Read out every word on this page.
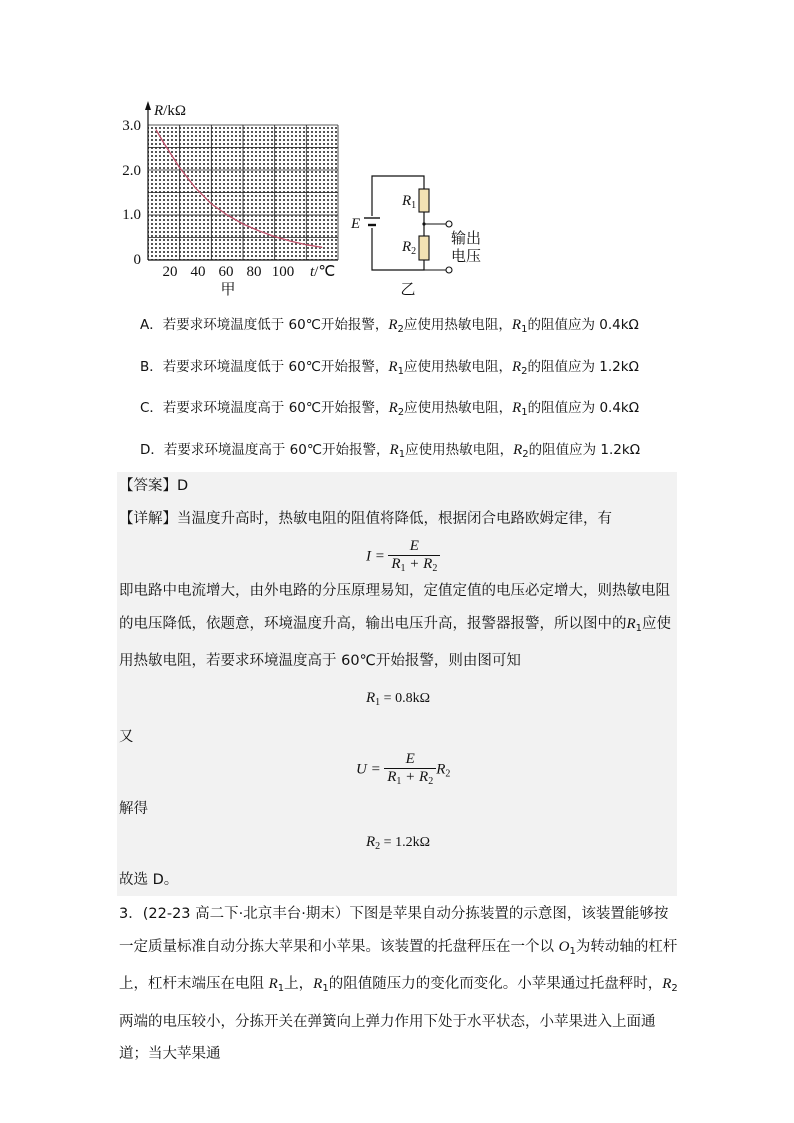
3.0
2.0
1.0
0
20 40 60 80 100
R/kΩ
t/℃
甲
E
$R_1$
$R_2$
输出
电压
乙
A．若要求环境温度低于 60℃开始报警，$R_2$应使用热敏电阻，$R_1$的阻值应为 0.4kΩ
B．若要求环境温度低于 60℃开始报警，$R_1$应使用热敏电阻，$R_2$的阻值应为 1.2kΩ
C．若要求环境温度高于 60℃开始报警，$R_2$应使用热敏电阻，$R_1$的阻值应为 0.4kΩ
D．若要求环境温度高于 60℃开始报警，$R_1$应使用热敏电阻，$R_2$的阻值应为 1.2kΩ
【答案】D
【详解】当温度升高时，热敏电阻的阻值将降低，根据闭合电路欧姆定律，有
$I = \frac{E}{R_1 + R_2}$
即电路中电流增大，由外电路的分压原理易知，定值定值的电压必定增大，则热敏电阻的电压降低，依题意，环境温度升高，输出电压升高，报警器报警，所以图中的$R_1$应使用热敏电阻，若要求环境温度高于 60℃开始报警，则由图可知
$R_1 = 0.8k\Omega$
又
$U = \frac{E}{R_1 + R_2} R_2$
解得
$R_2 = 1.2k\Omega$
故选 D。
3．(22-23 高二下·北京丰台·期末）下图是苹果自动分拣装置的示意图，该装置能够按一定质量标准自动分拣大苹果和小苹果。该装置的托盘秤压在一个以 $O_1$为转动轴的杠杆上，杠杆末端压在电阻 $R_1$上，$R_1$的阻值随压力的变化而变化。小苹果通过托盘秤时，$R_2$两端的电压较小，分拣开关在弹簧向上弹力作用下处于水平状态，小苹果进入上面通道；当大苹果通
